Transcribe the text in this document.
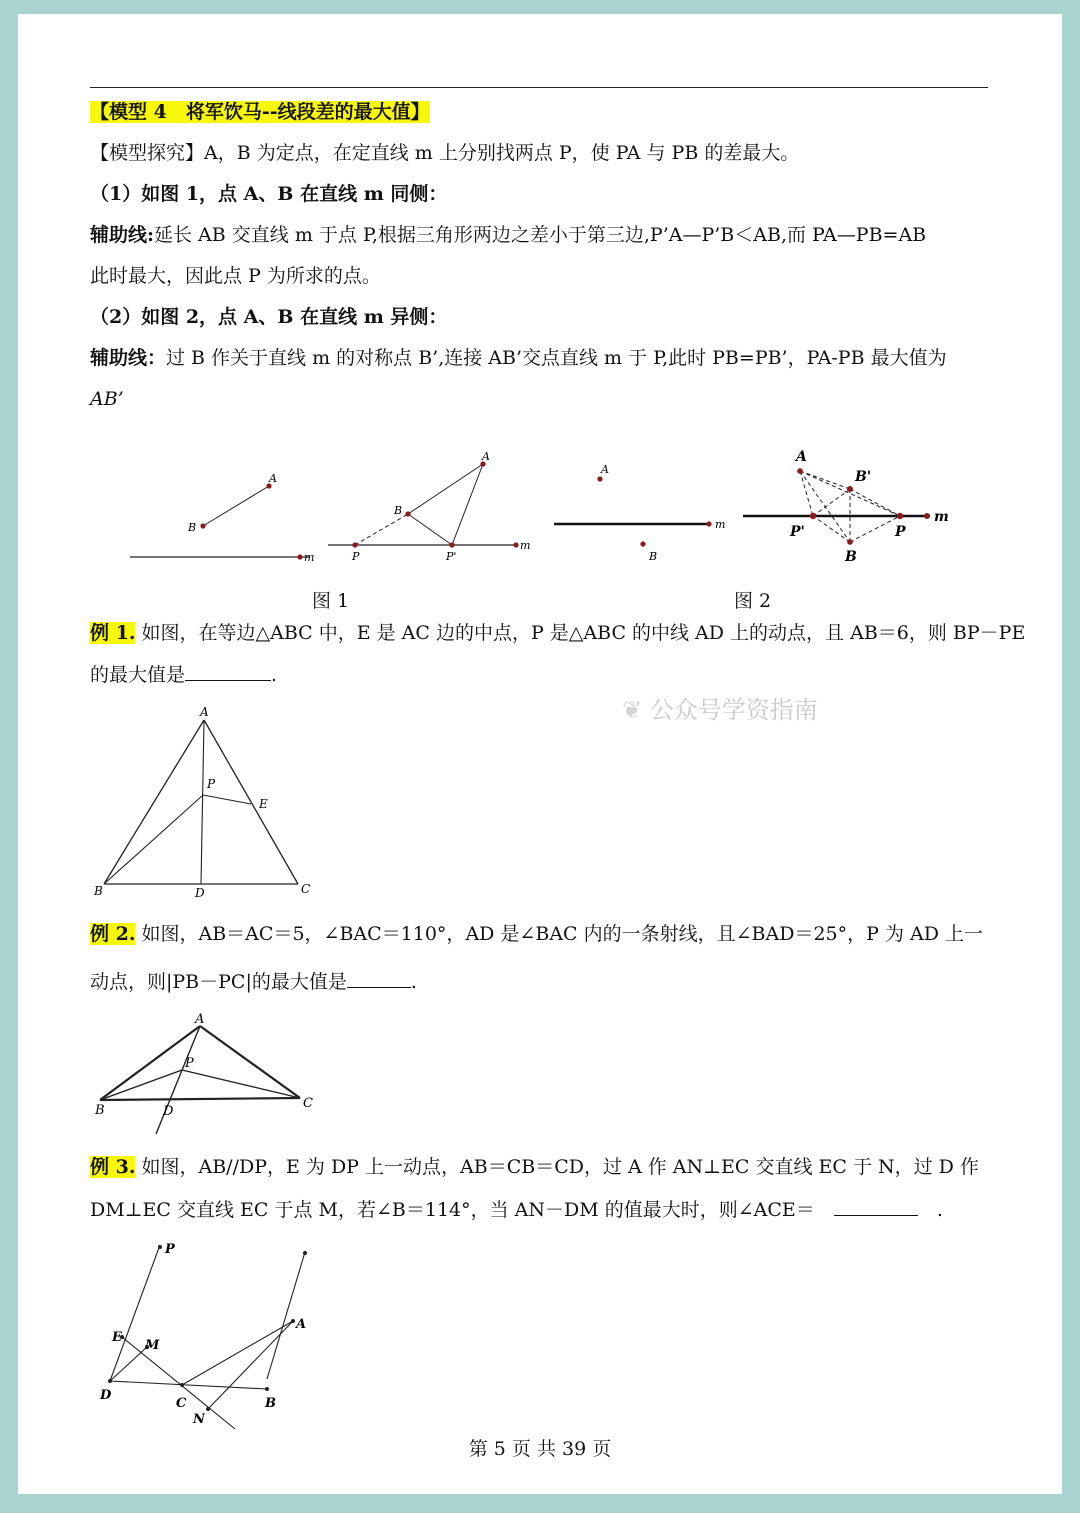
【模型 4　将军饮马--线段差的最大值】
【模型探究】A，B 为定点，在定直线 m 上分别找两点 P，使 PA 与 PB 的差最大。
（1）如图 1，点 A、B 在直线 m 同侧：
辅助线:延长 AB 交直线 m 于点 P,根据三角形两边之差小于第三边,P’A—P’B＜AB,而 PA—PB=AB
此时最大，因此点 P 为所求的点。
（2）如图 2，点 A、B 在直线 m 异侧：
辅助线：过 B 作关于直线 m 的对称点 B’,连接 AB’交点直线 m 于 P,此时 PB=PB’，PA-PB 最大值为
AB’
B
A
m
B
A
P	P'
m
A
B
m
A
B'
P'	P
B
m
图 1	图 2
例 1. 如图，在等边△ABC 中，E 是 AC 边的中点，P 是△ABC 的中线 AD 上的动点，且 AB＝6，则 BP－PE
的最大值是	.
❦ 公众号学资指南
A
P
E
B	D	C
例 2. 如图，AB＝AC＝5，∠BAC＝110°，AD 是∠BAC 内的一条射线，且∠BAD＝25°，P 为 AD 上一
动点，则|PB－PC|的最大值是	.
A
P
B	D
C
例 3. 如图，AB//DP，E 为 DP 上一动点，AB＝CB＝CD，过 A 作 AN⊥EC 交直线 EC 于 N，过 D 作
DM⊥EC 交直线 EC 于点 M，若∠B＝114°，当 AN－DM 的值最大时，则∠ACE＝　　	.
P
A
E
M
D
C	B
N
第 5 页 共 39 页
